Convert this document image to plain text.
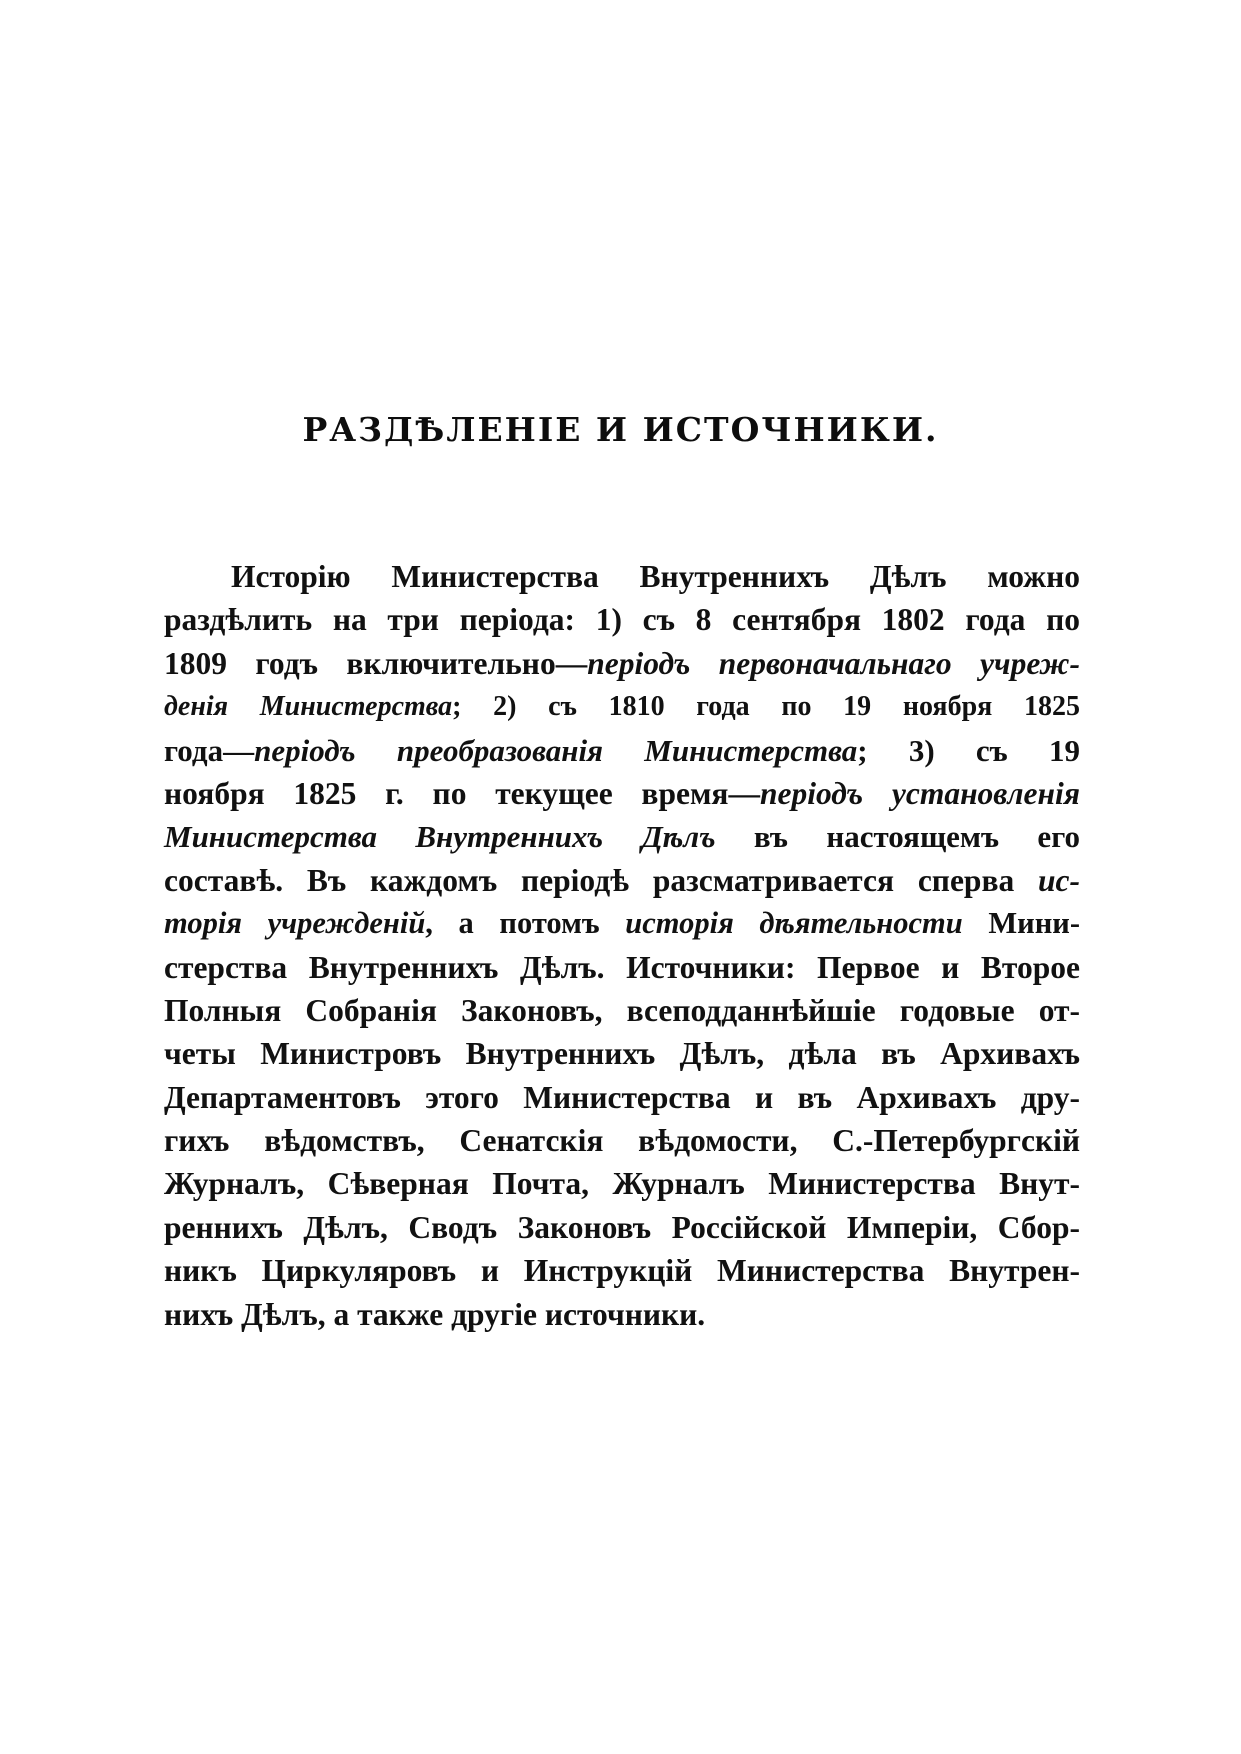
РАЗДѢЛЕНІЕ И ИСТОЧНИКИ.
Исторію Министерства Внутреннихъ Дѣлъ можно
раздѣлить на три періода: 1) съ 8 сентября 1802 года по
1809 годъ включительно—періодъ первоначальнаго учреж-
денія Министерства; 2) съ 1810 года по 19 ноября 1825
года—періодъ преобразованія Министерства; 3) съ 19
ноября 1825 г. по текущее время—періодъ установленія
Министерства Внутреннихъ Дѣлъ въ настоящемъ его
составѣ. Въ каждомъ періодѣ разсматривается сперва ис-
торія учрежденій, а потомъ исторія дѣятельности Мини-
стерства Внутреннихъ Дѣлъ. Источники: Первое и Второе
Полныя Собранія Законовъ, всеподданнѣйшіе годовые от-
четы Министровъ Внутреннихъ Дѣлъ, дѣла въ Архивахъ
Департаментовъ этого Министерства и въ Архивахъ дру-
гихъ вѣдомствъ, Сенатскія вѣдомости, С.-Петербургскій
Журналъ, Сѣверная Почта, Журналъ Министерства Внут-
реннихъ Дѣлъ, Сводъ Законовъ Россійской Имперіи, Сбор-
никъ Циркуляровъ и Инструкцій Министерства Внутрен-
нихъ Дѣлъ, а также другіе источники.
